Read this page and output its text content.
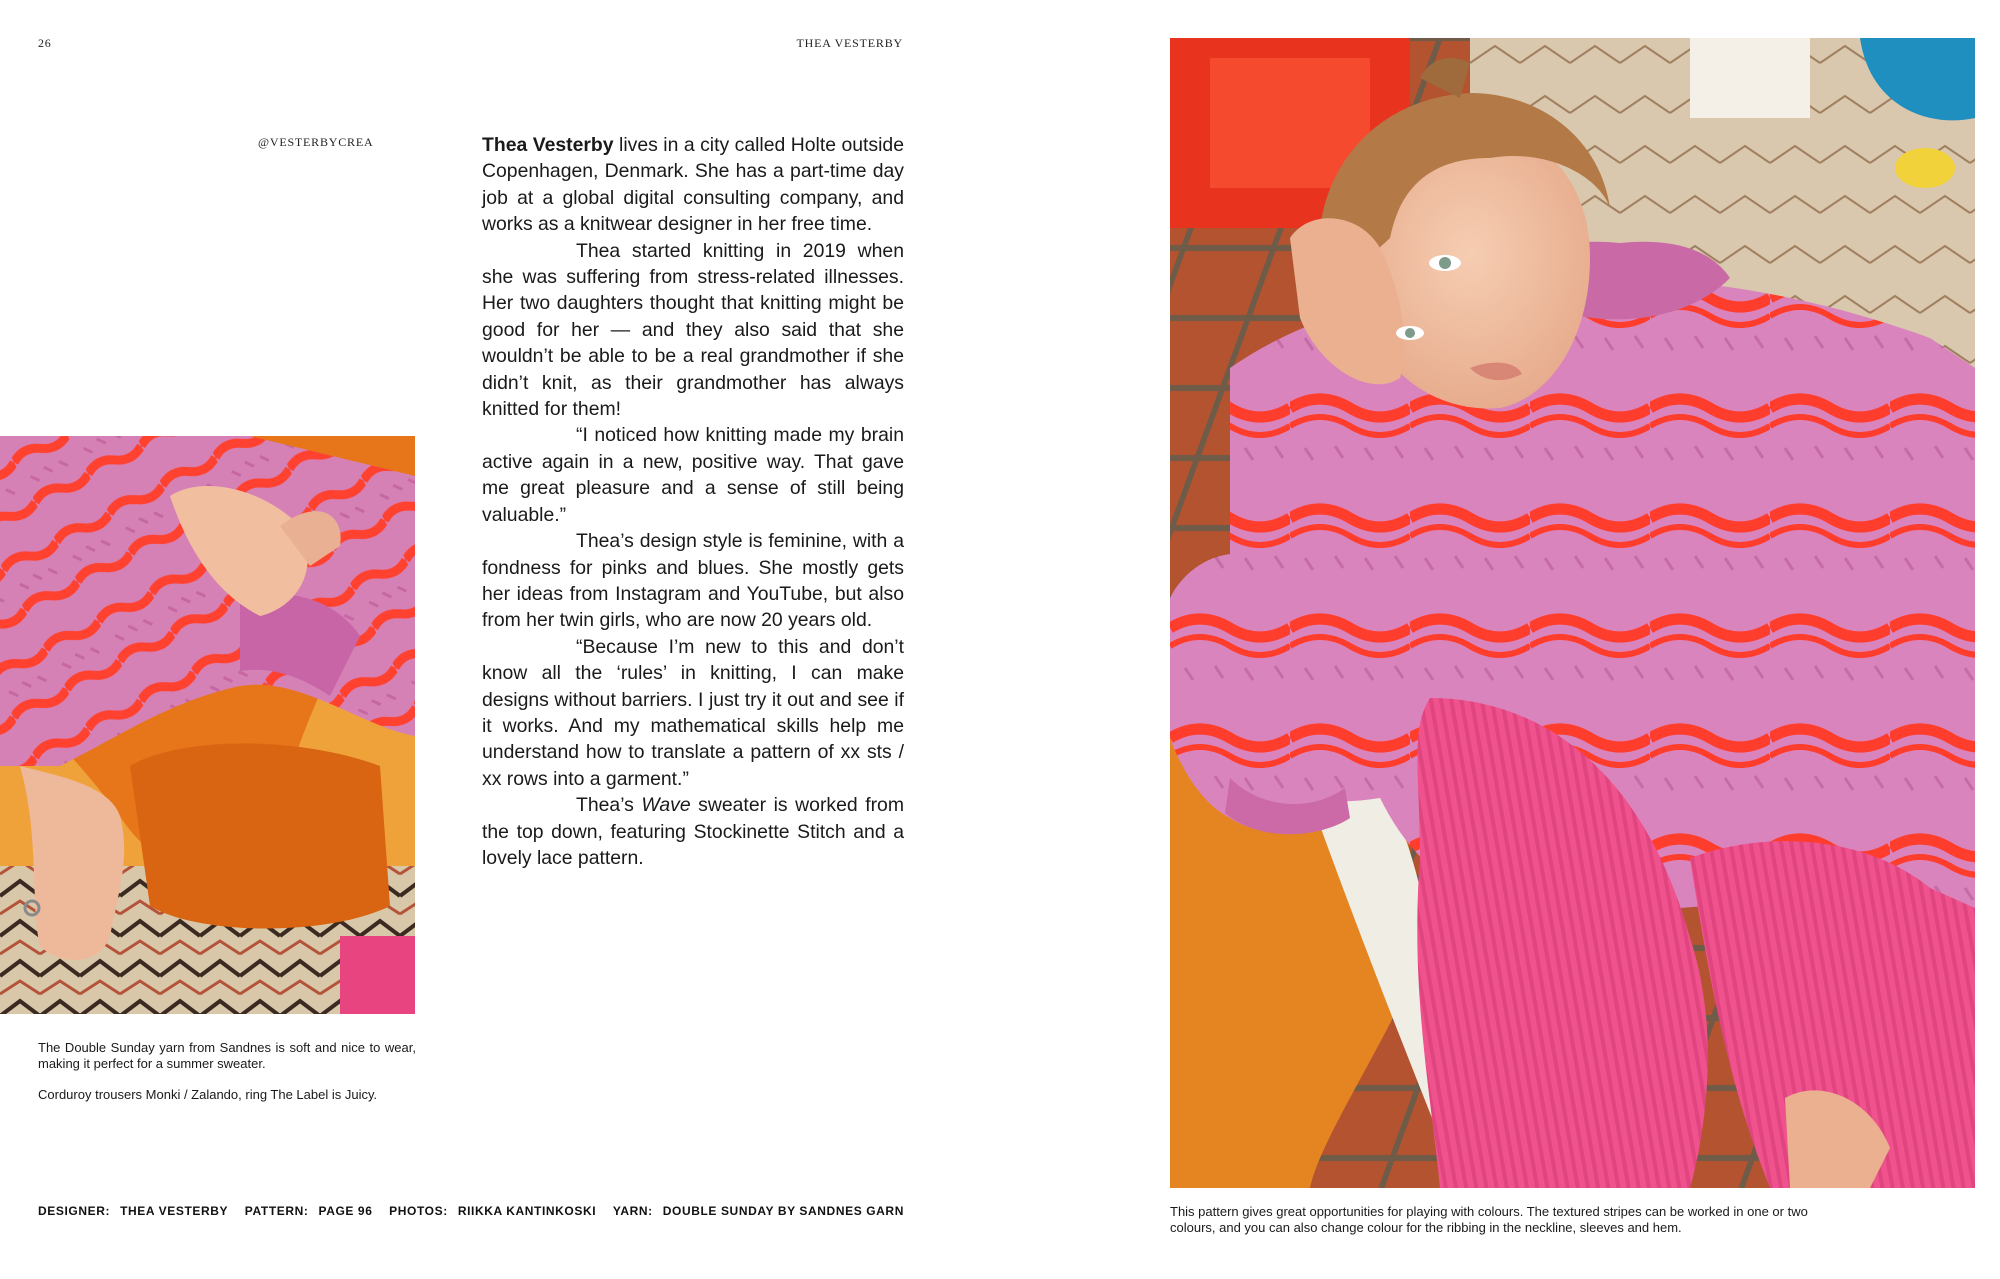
26	THEA VESTERBY
@VESTERBYCREA	Thea Vesterby lives in a city called Holte outside Copenhagen, Denmark. She has a part-time day job at a global digital consulting company, and works as a knitwear designer in her free time.

Thea started knitting in 2019 when she was suffering from stress-related illnesses. Her two daughters thought that knitting might be good for her — and they also said that she wouldn’t be able to be a real grandmother if she didn’t knit, as their grandmother has always knitted for them!

“I noticed how knitting made my brain active again in a new, positive way. That gave me great pleasure and a sense of still being valuable.”

Thea’s design style is feminine, with a fondness for pinks and blues. She mostly gets her ideas from Instagram and YouTube, but also from her twin girls, who are now 20 years old.

“Because I’m new to this and don’t know all the ‘rules’ in knitting, I can make designs without barriers. I just try it out and see if it works. And my mathematical skills help me understand how to translate a pattern of xx sts / xx rows into a garment.”

Thea’s Wave sweater is worked from the top down, featuring Stockinette Stitch and a lovely lace pattern.

The Double Sunday yarn from Sandnes is soft and nice to wear, making it perfect for a summer sweater.
Corduroy trousers Monki / Zalando, ring The Label is Juicy.
DESIGNER: THEA VESTERBY PATTERN: PAGE 96 PHOTOS: RIIKKA KANTINKOSKI YARN: DOUBLE SUNDAY BY SANDNES GARN	This pattern gives great opportunities for playing with colours. The textured stripes can be worked in one or two colours, and you can also change colour for the ribbing in the neckline, sleeves and hem.
